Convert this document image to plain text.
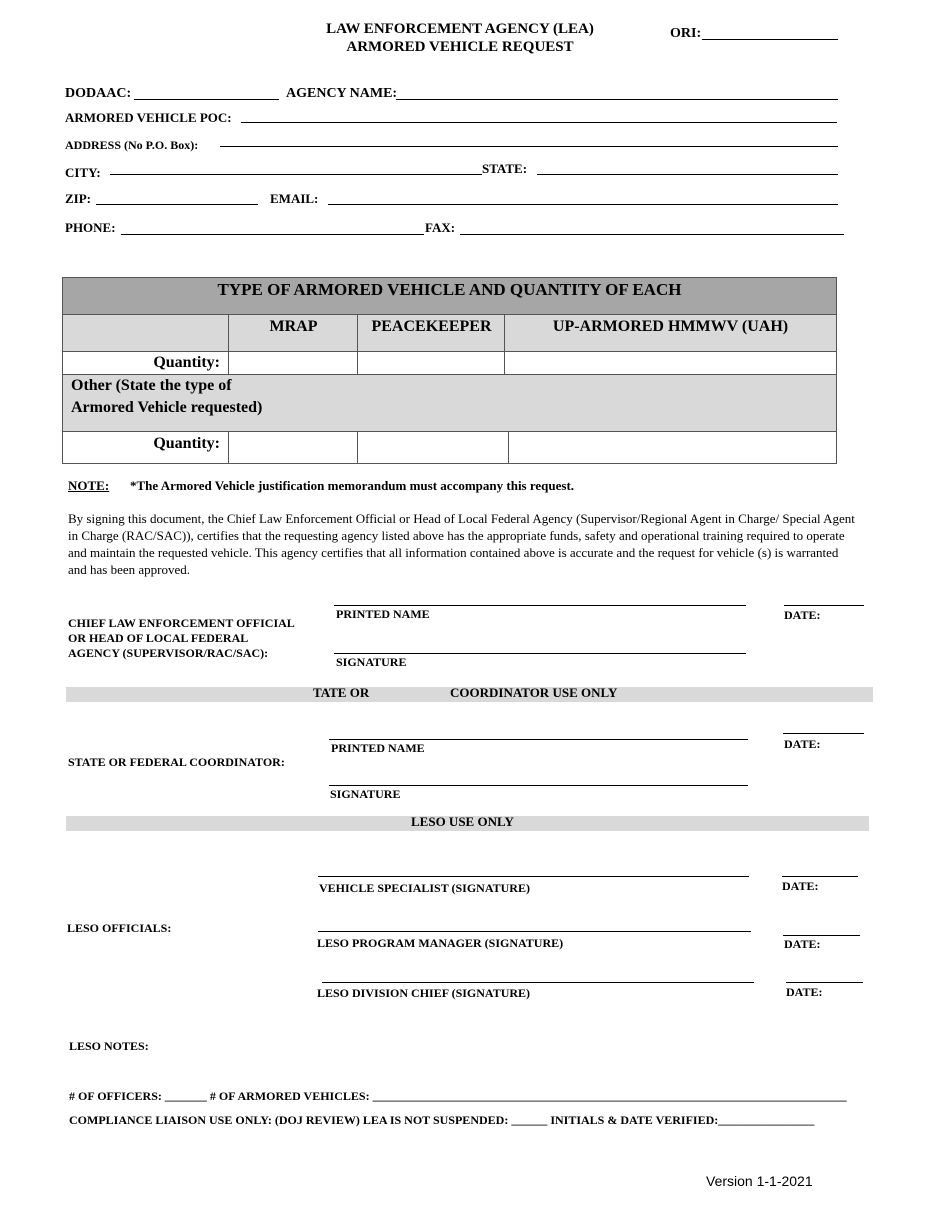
LAW ENFORCEMENT AGENCY (LEA)
ARMORED VEHICLE REQUEST
ORI:
DODAAC:	AGENCY NAME:
ARMORED VEHICLE POC:
ADDRESS (No P.O. Box):
CITY:	STATE:
ZIP:	EMAIL:
PHONE:	FAX:
TYPE OF ARMORED VEHICLE AND QUANTITY OF EACH
MRAP	PEACEKEEPER	UP-ARMORED HMMWV (UAH)
Quantity:
Other (State the type of
Armored Vehicle requested)
Quantity:
NOTE: *The Armored Vehicle justification memorandum must accompany this request.
By signing this document, the Chief Law Enforcement Official or Head of Local Federal Agency (Supervisor/Regional Agent in Charge/ Special Agent in Charge (RAC/SAC)), certifies that the requesting agency listed above has the appropriate funds, safety and operational training required to operate and maintain the requested vehicle. This agency certifies that all information contained above is accurate and the request for vehicle (s) is warranted and has been approved.
CHIEF LAW ENFORCEMENT OFFICIAL
OR HEAD OF LOCAL FEDERAL
AGENCY (SUPERVISOR/RAC/SAC):
PRINTED NAME
SIGNATURE
DATE:
TATE OR	COORDINATOR USE ONLY
STATE OR FEDERAL COORDINATOR:
PRINTED NAME
SIGNATURE
DATE:
LESO USE ONLY
LESO OFFICIALS:
VEHICLE SPECIALIST (SIGNATURE)	DATE:
LESO PROGRAM MANAGER (SIGNATURE)	DATE:
LESO DIVISION CHIEF (SIGNATURE)	DATE:
LESO NOTES:
# OF OFFICERS: _______ # OF ARMORED VEHICLES: _______________________________________________________________________________
COMPLIANCE LIAISON USE ONLY: (DOJ REVIEW) LEA IS NOT SUSPENDED: ______ INITIALS & DATE VERIFIED:________________
Version 1-1-2021
